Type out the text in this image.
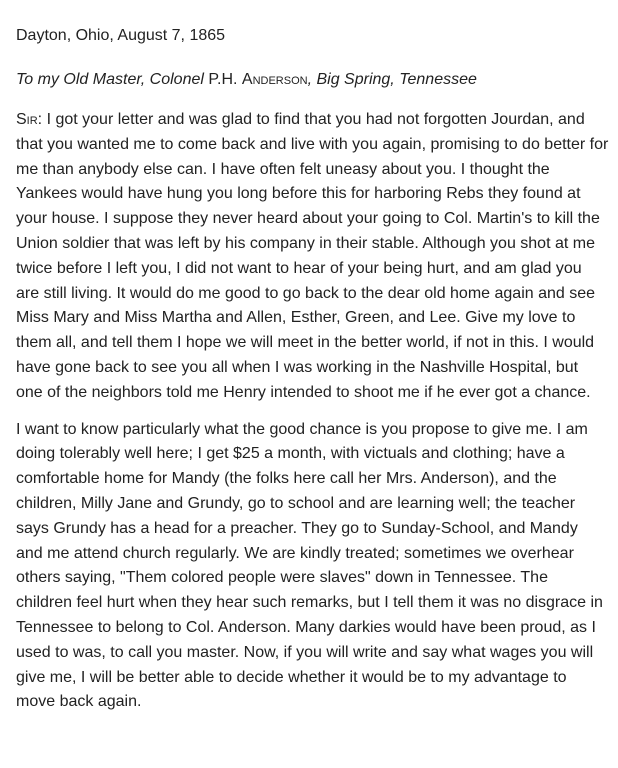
Dayton, Ohio, August 7, 1865
To my Old Master, Colonel P.H. Anderson, Big Spring, Tennessee
Sir: I got your letter and was glad to find that you had not forgotten Jourdan, and
that you wanted me to come back and live with you again, promising to do better for
me than anybody else can. I have often felt uneasy about you. I thought the
Yankees would have hung you long before this for harboring Rebs they found at
your house. I suppose they never heard about your going to Col. Martin's to kill the
Union soldier that was left by his company in their stable. Although you shot at me
twice before I left you, I did not want to hear of your being hurt, and am glad you
are still living. It would do me good to go back to the dear old home again and see
Miss Mary and Miss Martha and Allen, Esther, Green, and Lee. Give my love to
them all, and tell them I hope we will meet in the better world, if not in this. I would
have gone back to see you all when I was working in the Nashville Hospital, but
one of the neighbors told me Henry intended to shoot me if he ever got a chance.
I want to know particularly what the good chance is you propose to give me. I am
doing tolerably well here; I get $25 a month, with victuals and clothing; have a
comfortable home for Mandy (the folks here call her Mrs. Anderson), and the
children, Milly Jane and Grundy, go to school and are learning well; the teacher
says Grundy has a head for a preacher. They go to Sunday-School, and Mandy
and me attend church regularly. We are kindly treated; sometimes we overhear
others saying, "Them colored people were slaves" down in Tennessee. The
children feel hurt when they hear such remarks, but I tell them it was no disgrace in
Tennessee to belong to Col. Anderson. Many darkies would have been proud, as I
used to was, to call you master. Now, if you will write and say what wages you will
give me, I will be better able to decide whether it would be to my advantage to
move back again.
